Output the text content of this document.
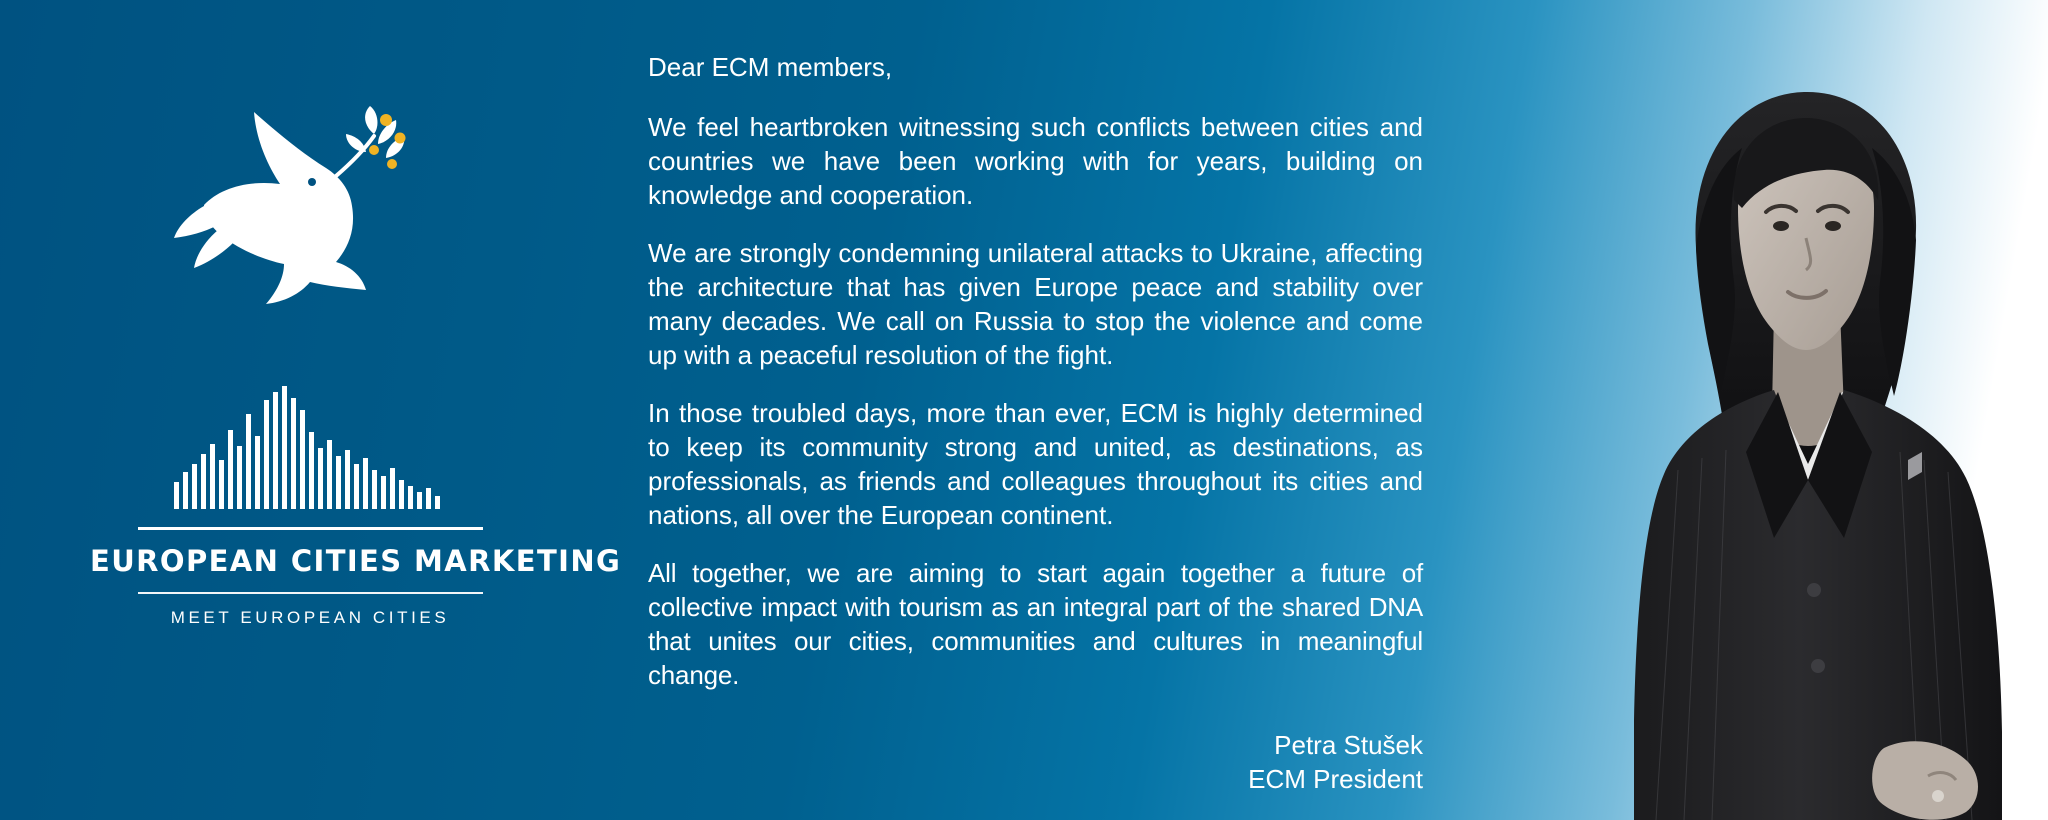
EUROPEAN CITIES MARKETING
MEET EUROPEAN CITIES

Dear ECM members,

We feel heartbroken witnessing such conflicts between cities and countries we have been working with for years, building on knowledge and cooperation.

We are strongly condemning unilateral attacks to Ukraine, affecting the architecture that has given Europe peace and stability over many decades. We call on Russia to stop the violence and come up with a peaceful resolution of the fight.

In those troubled days, more than ever, ECM is highly determined to keep its community strong and united, as destinations, as professionals, as friends and colleagues throughout its cities and nations, all over the European continent.

All together, we are aiming to start again together a future of collective impact with tourism as an integral part of the shared DNA that unites our cities, communities and cultures in meaningful change.

Petra Stušek
ECM President
